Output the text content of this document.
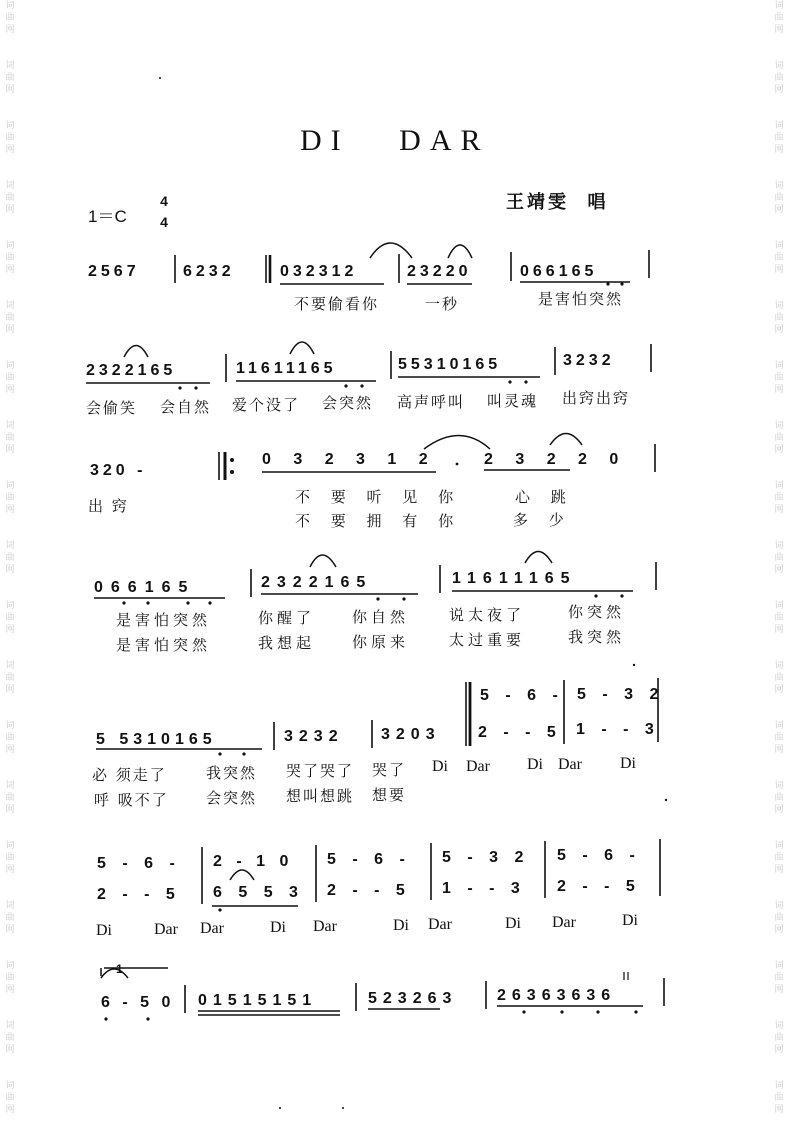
词
曲
网
词
曲
网
词
曲
网
词
曲
网
词
曲
网
词
曲
网
词
曲
网
词
曲
网
词
曲
网
词
曲
网
词
曲
网
词
曲
网
词
曲
网
词
曲
网
词
曲
网
词
曲
网
词
曲
网
词
曲
网
词
曲
网
词
曲
网
词
曲
网
词
曲
网
词
曲
网
词
曲
网
词
曲
网
词
曲
网
词
曲
网
词
曲
网
词
曲
网
词
曲
网
词
曲
网
词
曲
网
词
曲
网
词
曲
网
词
曲
网
词
曲
网
词
曲
网
词
曲
网
DI   DAR
1＝C
4
4
王靖雯  唱
2567	6232	032312	23220	066165
不要偷看你	一秒	是害怕突然
2322165	11611165	55310165	3232
会偷笑 会自然 爱个没了 会突然 高声呼叫 叫灵魂 出窍出窍
320 -
0 3 2 3 1 2	2 3 2 2 0
出 窍	不 要 听 见 你	心 跳
不 要 拥 有 你	多 少
066165	2322165	11611165
是害怕突然	你醒了 你自然	说太夜了	你突然
是害怕突然	我想起 你原来	太过重要	我突然
5 - 6 - 5 - 3 2
5 5310165	3232 3203 2 - - 5 1 - - 3
必 须走了	我突然 哭了哭了 哭了 Di Dar Di Dar Di
呼 吸不了 会突然 想叫想跳 想要
5 - 6 - 2 - 1 0 5 - 6 - 5 - 3 2 5 - 6 -
2 - - 5 6 5 5 3 2 - - 5 1 - - 3 2 - - 5
Di	Dar Dar	Di Dar	Di Dar	Di Dar	Di
1
6 - 5 0 01515151	523263 26363636
